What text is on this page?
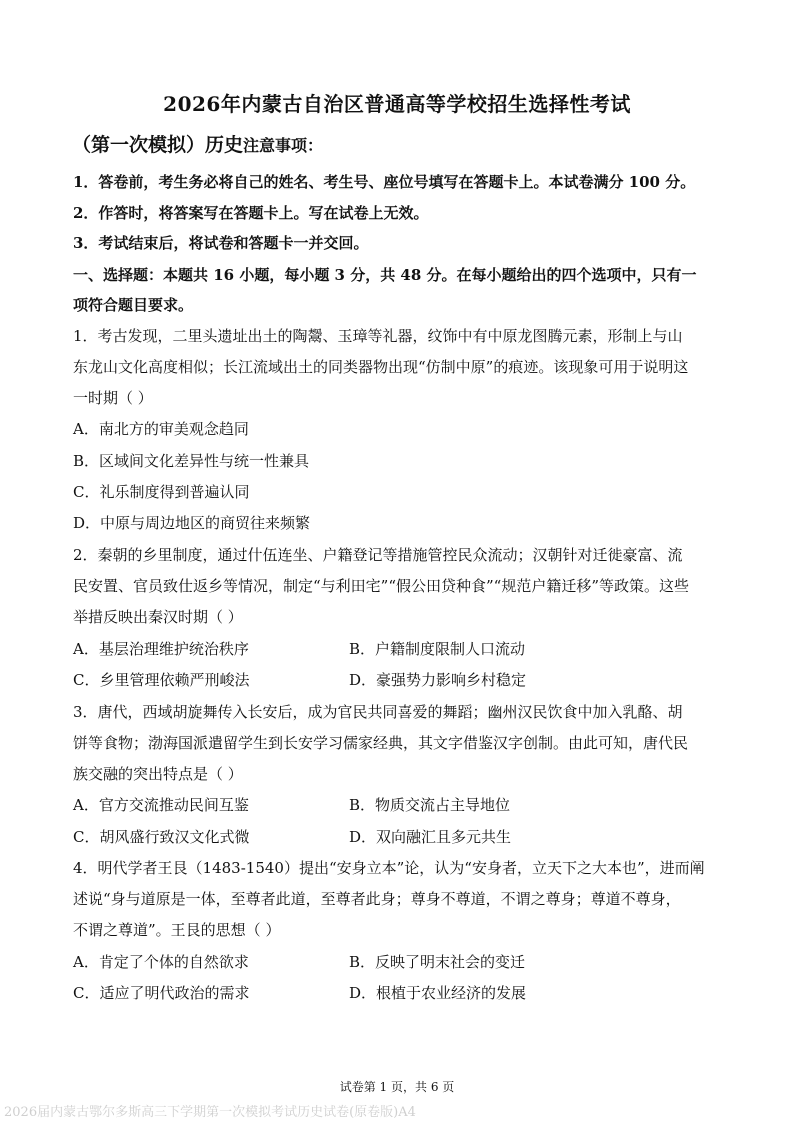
2026年内蒙古自治区普通高等学校招生选择性考试
（第一次模拟）历史注意事项：
1．答卷前，考生务必将自己的姓名、考生号、座位号填写在答题卡上。本试卷满分 100 分。
2．作答时，将答案写在答题卡上。写在试卷上无效。
3．考试结束后，将试卷和答题卡一并交回。
一、选择题：本题共 16 小题，每小题 3 分，共 48 分。在每小题给出的四个选项中，只有一
项符合题目要求。
1．考古发现，二里头遗址出土的陶鬶、玉璋等礼器，纹饰中有中原龙图腾元素，形制上与山
东龙山文化高度相似；长江流域出土的同类器物出现“仿制中原”的痕迹。该现象可用于说明这
一时期（ ）
A．南北方的审美观念趋同
B．区域间文化差异性与统一性兼具
C．礼乐制度得到普遍认同
D．中原与周边地区的商贸往来频繁
2．秦朝的乡里制度，通过什伍连坐、户籍登记等措施管控民众流动；汉朝针对迁徙豪富、流
民安置、官员致仕返乡等情况，制定“与利田宅”“假公田贷种食”“规范户籍迁移”等政策。这些
举措反映出秦汉时期（ ）
A．基层治理维护统治秩序	B．户籍制度限制人口流动
C．乡里管理依赖严刑峻法	D．豪强势力影响乡村稳定
3．唐代，西域胡旋舞传入长安后，成为官民共同喜爱的舞蹈；幽州汉民饮食中加入乳酪、胡
饼等食物；渤海国派遣留学生到长安学习儒家经典，其文字借鉴汉字创制。由此可知，唐代民
族交融的突出特点是（ ）
A．官方交流推动民间互鉴	B．物质交流占主导地位
C．胡风盛行致汉文化式微	D．双向融汇且多元共生
4．明代学者王艮（1483-1540）提出“安身立本”论，认为“安身者，立天下之大本也”，进而阐
述说“身与道原是一体，至尊者此道，至尊者此身；尊身不尊道，不谓之尊身；尊道不尊身，
不谓之尊道”。王艮的思想（ ）
A．肯定了个体的自然欲求	B．反映了明末社会的变迁
C．适应了明代政治的需求	D．根植于农业经济的发展
试卷第 1 页，共 6 页
2026届内蒙古鄂尔多斯高三下学期第一次模拟考试历史试卷(原卷版)A4
